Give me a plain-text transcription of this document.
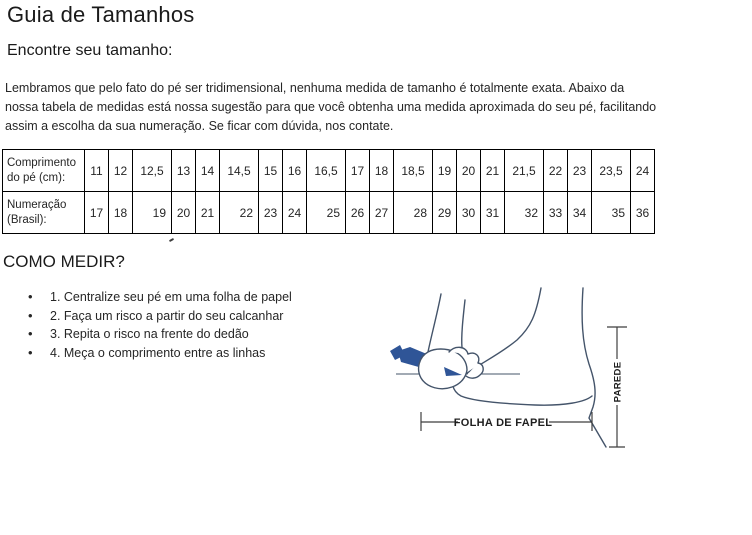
Guia de Tamanhos
Encontre seu tamanho:
Lembramos que pelo fato do pé ser tridimensional, nenhuma medida de tamanho é totalmente exata. Abaixo da
nossa tabela de medidas está nossa sugestão para que você obtenha uma medida aproximada do seu pé, facilitando
assim a escolha da sua numeração. Se ficar com dúvida, nos contate.
Comprimento do pé (cm):	11	12	12,5	13	14	14,5	15	16	16,5	17	18	18,5	19	20	21	21,5	22	23	23,5	24
Numeração (Brasil):	17	18	19	20	21	22	23	24	25	26	27	28	29	30	31	32	33	34	35	36
COMO MEDIR?
• 1. Centralize seu pé em uma folha de papel
• 2. Faça um risco a partir do seu calcanhar
• 3. Repita o risco na frente do dedão
• 4. Meça o comprimento entre as linhas
FOLHA DE FAPEL
PAREDE
